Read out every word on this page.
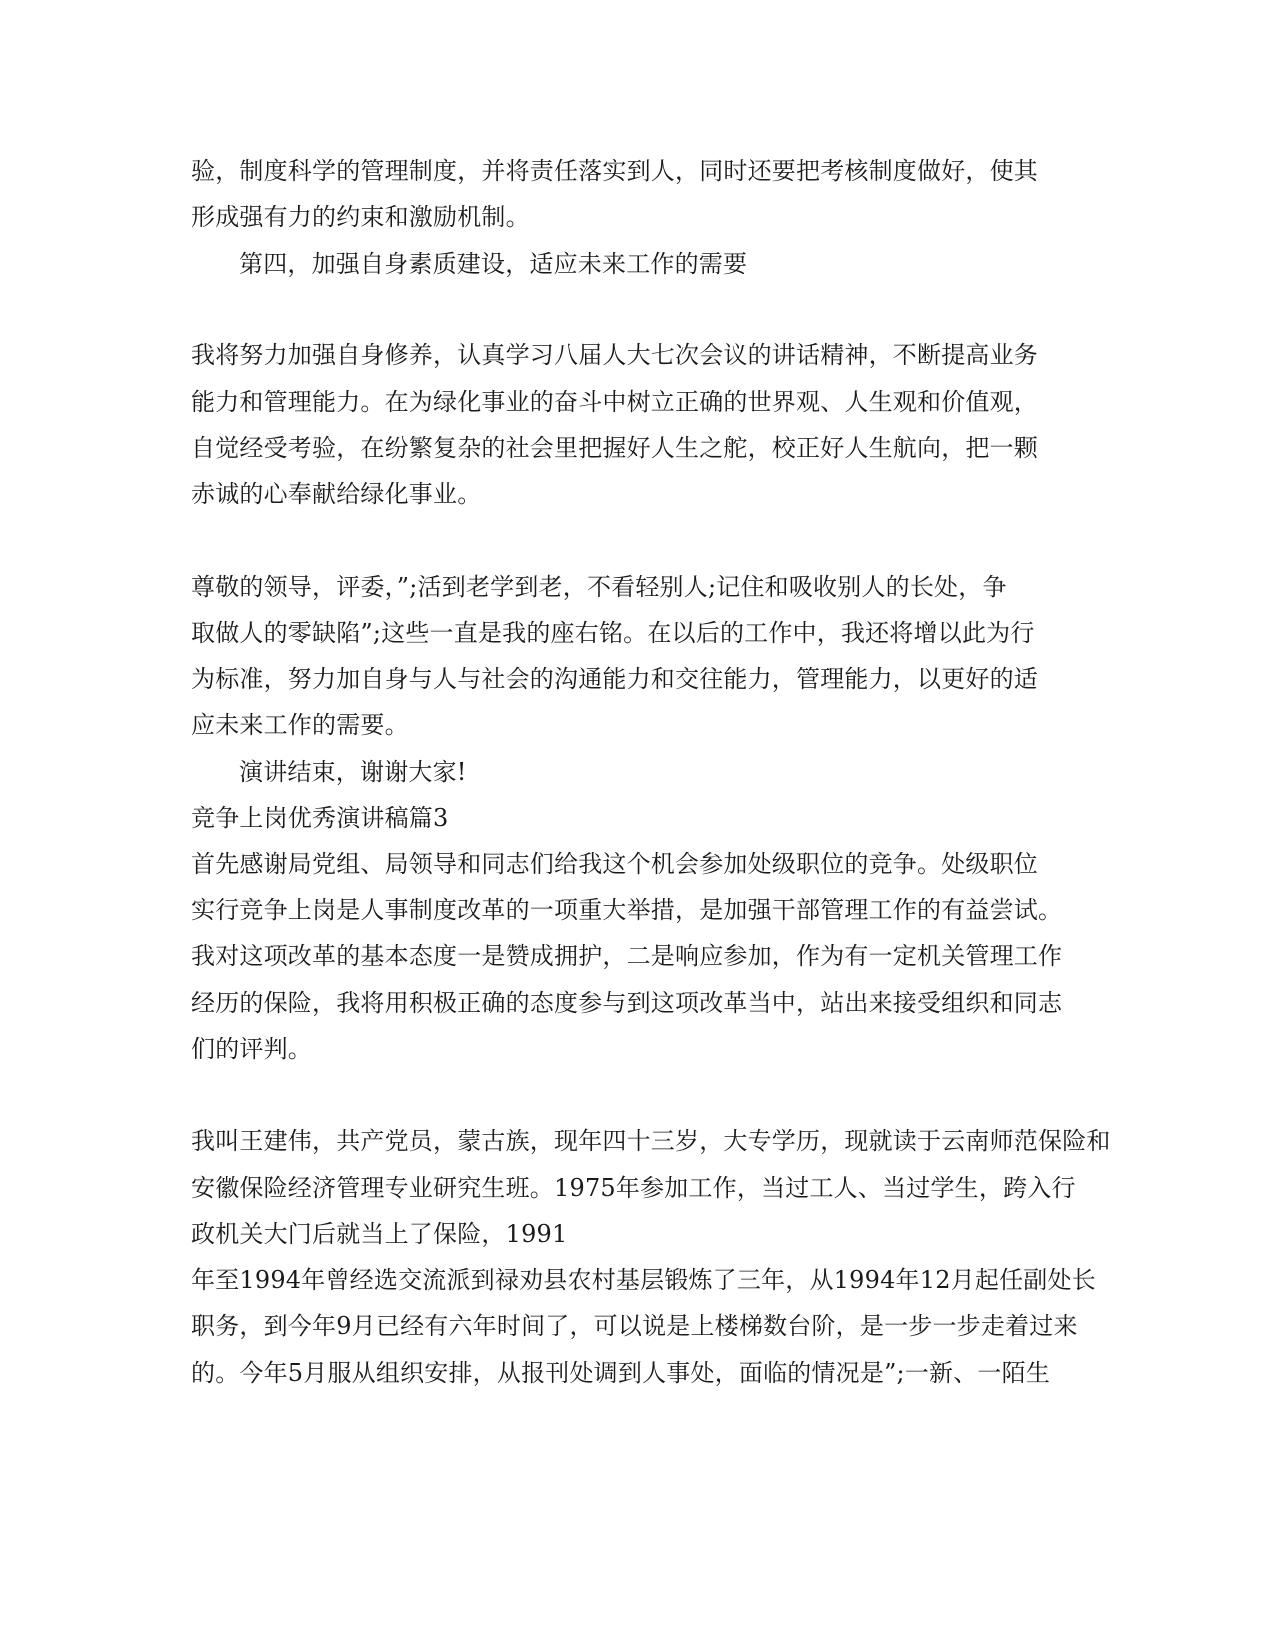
验，制度科学的管理制度，并将责任落实到人，同时还要把考核制度做好，使其
形成强有力的约束和激励机制。
第四，加强自身素质建设，适应未来工作的需要
我将努力加强自身修养，认真学习八届人大七次会议的讲话精神，不断提高业务
能力和管理能力。在为绿化事业的奋斗中树立正确的世界观、人生观和价值观，
自觉经受考验，在纷繁复杂的社会里把握好人生之舵，校正好人生航向，把一颗
赤诚的心奉献给绿化事业。
尊敬的领导，评委，”;活到老学到老，不看轻别人;记住和吸收别人的长处，争
取做人的零缺陷”;这些一直是我的座右铭。在以后的工作中，我还将增以此为行
为标准，努力加自身与人与社会的沟通能力和交往能力，管理能力，以更好的适
应未来工作的需要。
演讲结束，谢谢大家!
竞争上岗优秀演讲稿篇3
首先感谢局党组、局领导和同志们给我这个机会参加处级职位的竞争。处级职位
实行竞争上岗是人事制度改革的一项重大举措，是加强干部管理工作的有益尝试。
我对这项改革的基本态度一是赞成拥护，二是响应参加，作为有一定机关管理工作
经历的保险，我将用积极正确的态度参与到这项改革当中，站出来接受组织和同志
们的评判。
我叫王建伟，共产党员，蒙古族，现年四十三岁，大专学历，现就读于云南师范保险和
安徽保险经济管理专业研究生班。1975年参加工作，当过工人、当过学生，跨入行
政机关大门后就当上了保险，1991
年至1994年曾经选交流派到禄劝县农村基层锻炼了三年，从1994年12月起任副处长
职务，到今年9月已经有六年时间了，可以说是上楼梯数台阶，是一步一步走着过来
的。今年5月服从组织安排，从报刊处调到人事处，面临的情况是”;一新、一陌生
